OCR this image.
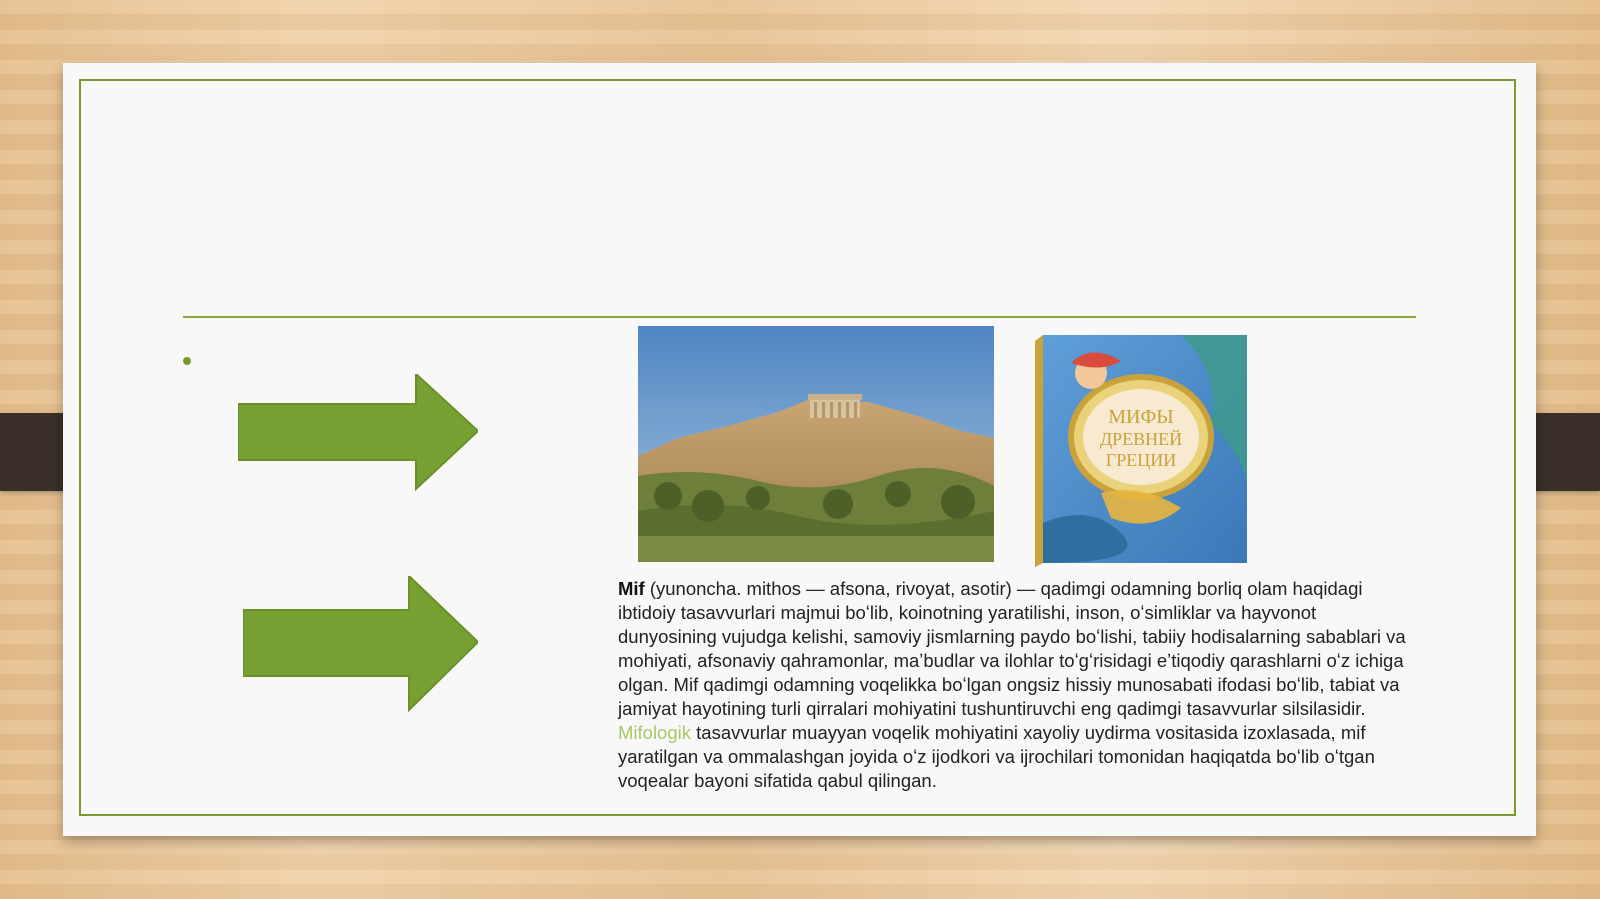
МИФЫ
ДРЕВНЕЙ
ГРЕЦИИ
Mif (yunoncha. mithos — afsona, rivoyat, asotir) — qadimgi odamning borliq olam haqidagi ibtidoiy tasavvurlari majmui boʻlib, koinotning yaratilishi, inson, oʻsimliklar va hayvonot dunyosining vujudga kelishi, samoviy jismlarning paydo boʻlishi, tabiiy hodisalarning sabablari va mohiyati, afsonaviy qahramonlar, maʼbudlar va ilohlar toʻgʻrisidagi eʼtiqodiy qarashlarni oʻz ichiga olgan. Mif qadimgi odamning voqelikka boʻlgan ongsiz hissiy munosabati ifodasi boʻlib, tabiat va jamiyat hayotining turli qirralari mohiyatini tushuntiruvchi eng qadimgi tasavvurlar silsilasidir. Mifologik tasavvurlar muayyan voqelik mohiyatini xayoliy uydirma vositasida izoxlasada, mif yaratilgan va ommalashgan joyida oʻz ijodkori va ijrochilari tomonidan haqiqatda boʻlib oʻtgan voqealar bayoni sifatida qabul qilingan.
